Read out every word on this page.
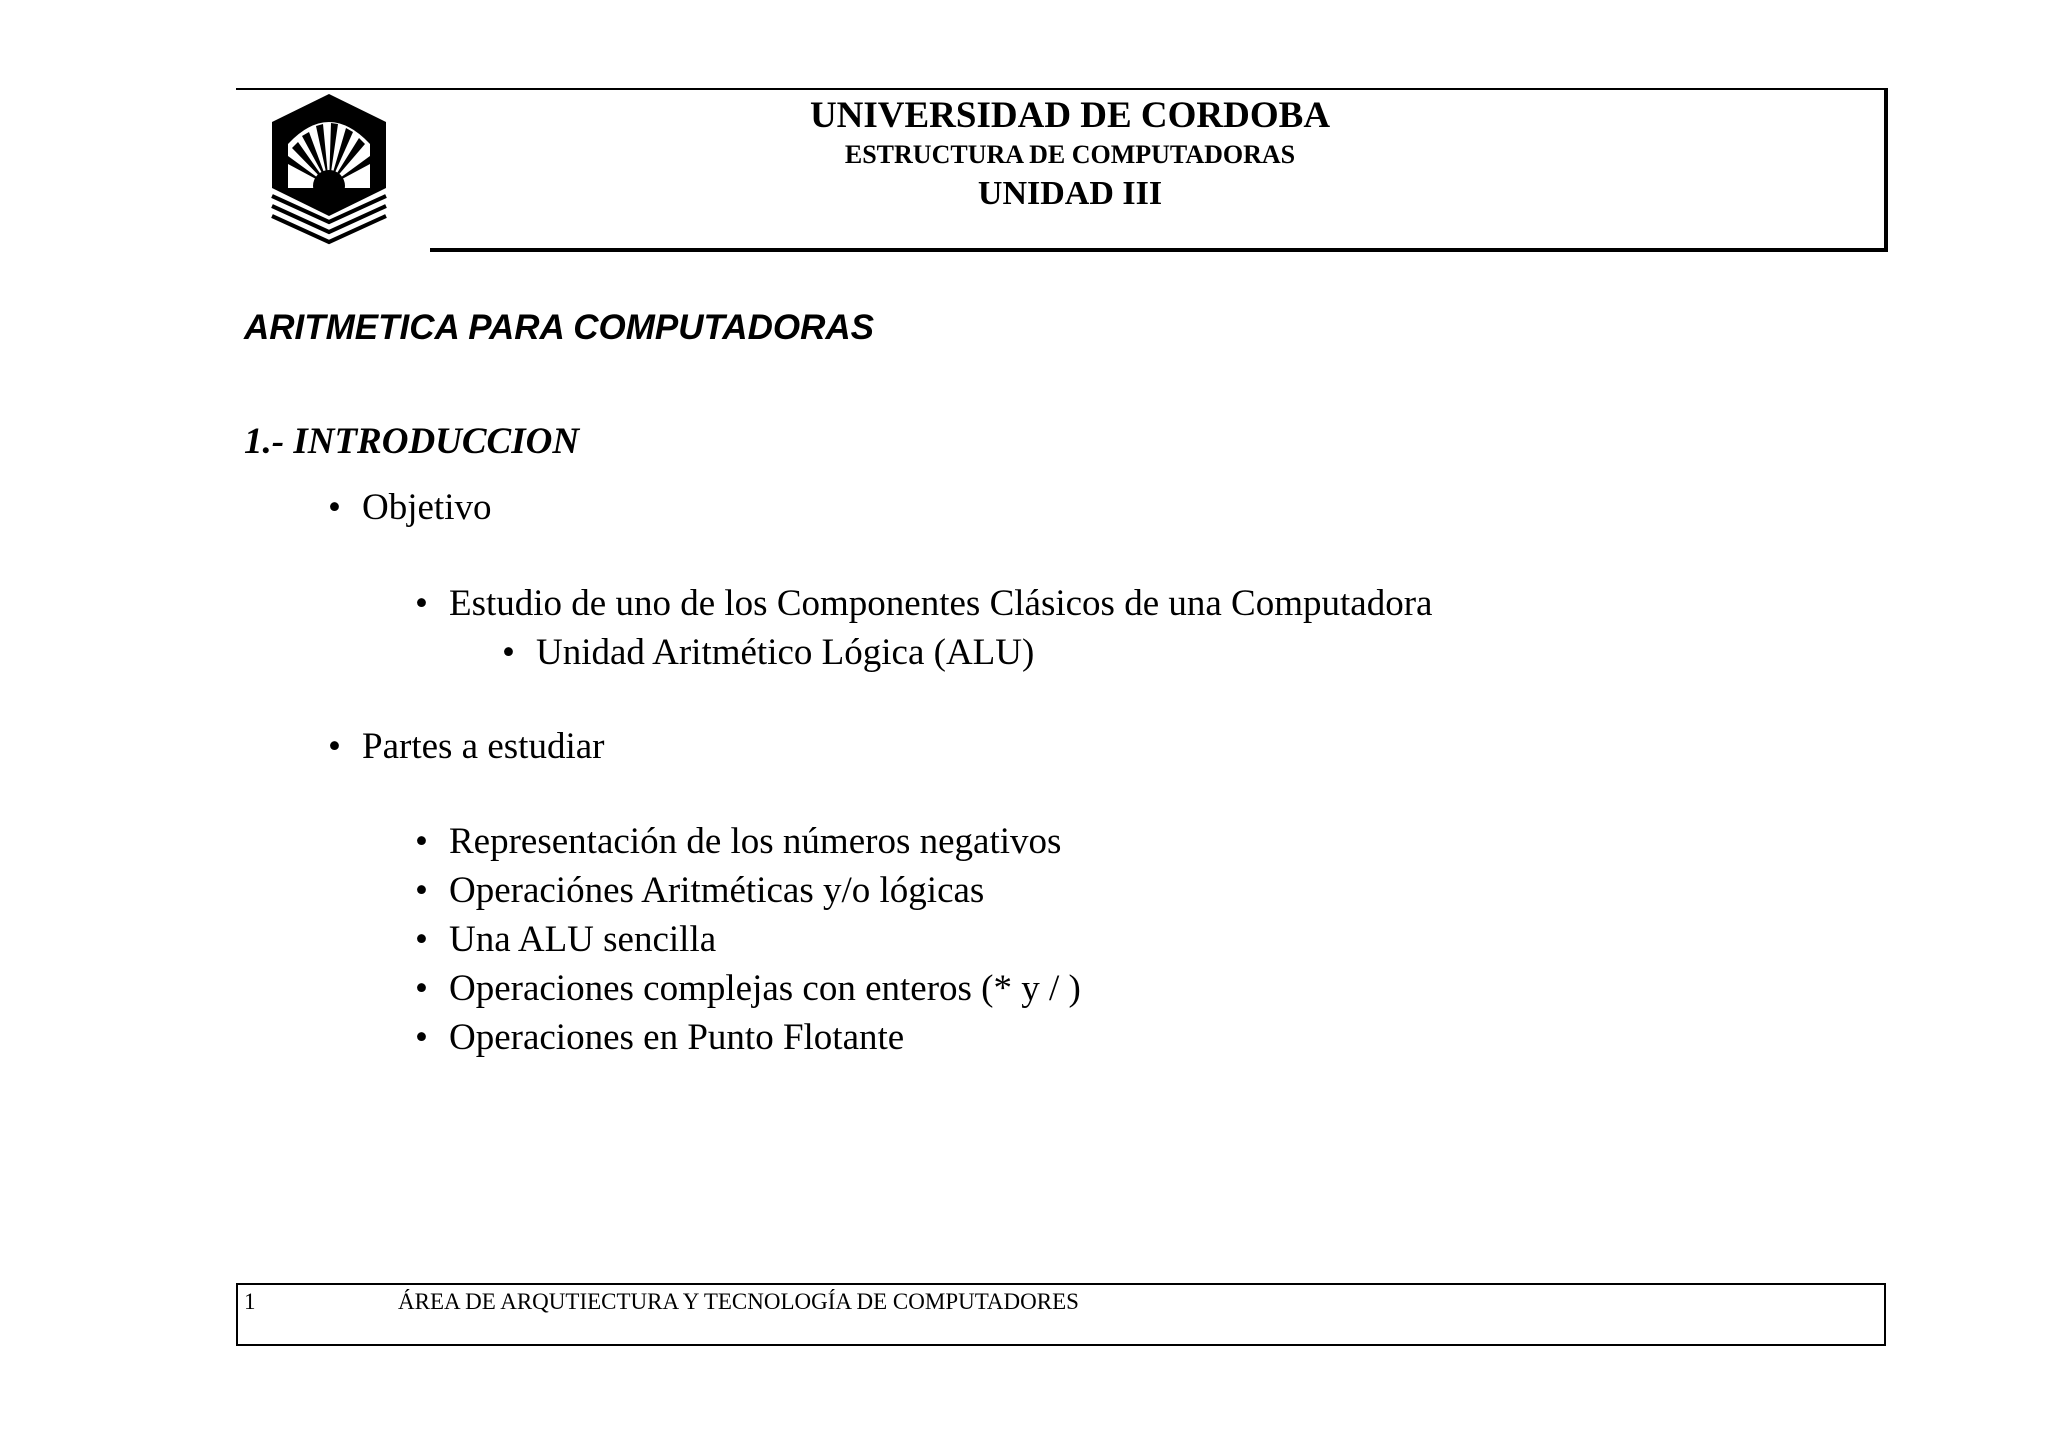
UNIVERSIDAD DE CORDOBA
ESTRUCTURA DE COMPUTADORAS
UNIDAD III
ARITMETICA PARA COMPUTADORAS
1.- INTRODUCCION
• Objetivo
• Estudio de uno de los Componentes Clásicos de una Computadora
• Unidad Aritmético Lógica (ALU)
• Partes a estudiar
• Representación de los números negativos
• Operaciónes Aritméticas y/o lógicas
• Una ALU sencilla
• Operaciones complejas con enteros (* y / )
• Operaciones en Punto Flotante
1	ÁREA DE ARQUTIECTURA Y TECNOLOGÍA DE COMPUTADORES
